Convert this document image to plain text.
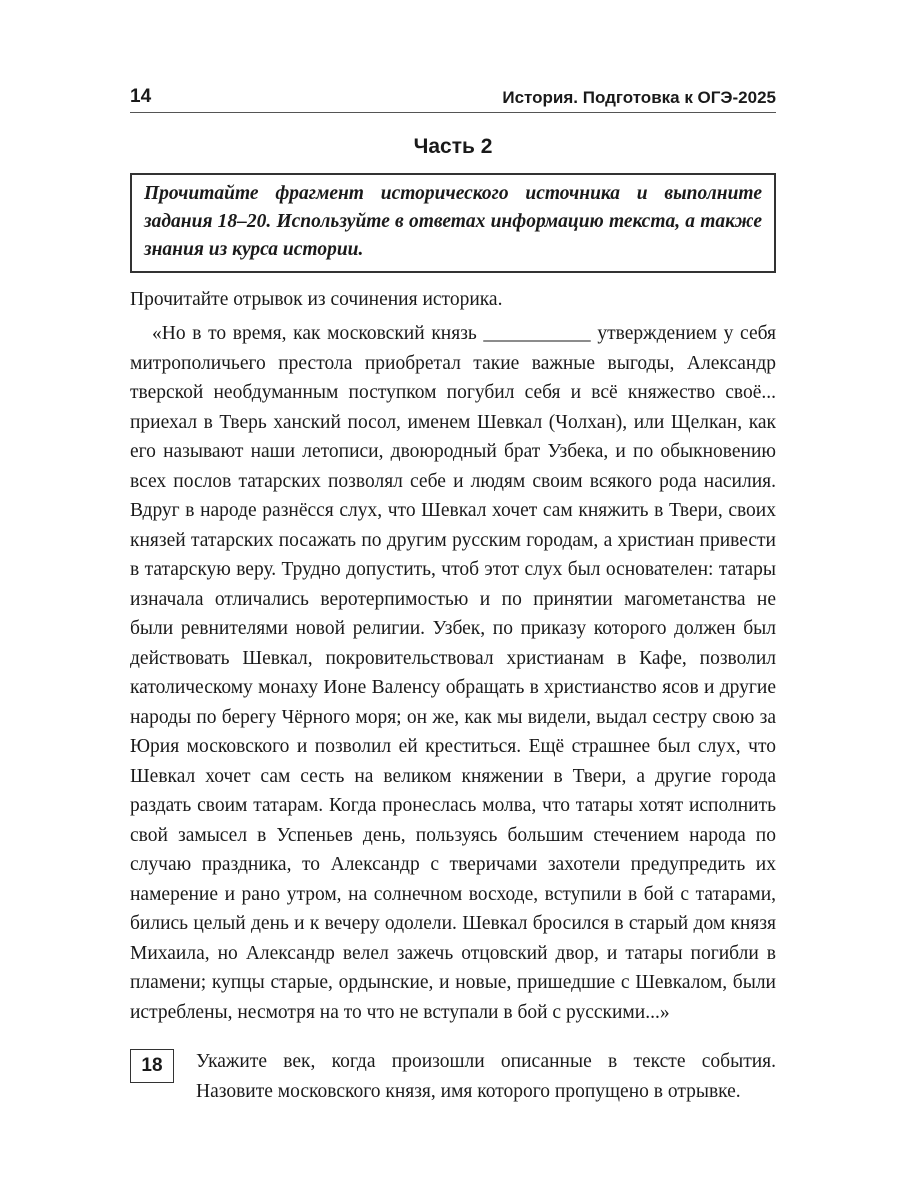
14	История. Подготовка к ОГЭ-2025
Часть 2
Прочитайте фрагмент исторического источника и выполните задания 18–20. Используйте в ответах информацию текста, а также знания из курса истории.
Прочитайте отрывок из сочинения историка.
«Но в то время, как московский князь ___________ утверждением у себя митрополичьего престола приобретал такие важные выгоды, Александр тверской необдуманным поступком погубил себя и всё княжество своё... приехал в Тверь ханский посол, именем Шевкал (Чолхан), или Щелкан, как его называют наши летописи, двоюродный брат Узбека, и по обыкновению всех послов татарских позволял себе и людям своим всякого рода насилия. Вдруг в народе разнёсся слух, что Шевкал хочет сам княжить в Твери, своих князей татарских посажать по другим русским городам, а христиан привести в татарскую веру. Трудно допустить, чтоб этот слух был основателен: татары изначала отличались веротерпимостью и по принятии магометанства не были ревнителями новой религии. Узбек, по приказу которого должен был действовать Шевкал, покровительствовал христианам в Кафе, позволил католическому монаху Ионе Валенсу обращать в христианство ясов и другие народы по берегу Чёрного моря; он же, как мы видели, выдал сестру свою за Юрия московского и позволил ей креститься. Ещё страшнее был слух, что Шевкал хочет сам сесть на великом княжении в Твери, а другие города раздать своим татарам. Когда пронеслась молва, что татары хотят исполнить свой замысел в Успеньев день, пользуясь большим стечением народа по случаю праздника, то Александр с тверичами захотели предупредить их намерение и рано утром, на солнечном восходе, вступили в бой с татарами, бились целый день и к вечеру одолели. Шевкал бросился в старый дом князя Михаила, но Александр велел зажечь отцовский двор, и татары погибли в пламени; купцы старые, ордынские, и новые, пришедшие с Шевкалом, были истреблены, несмотря на то что не вступали в бой с русскими...»
18	Укажите век, когда произошли описанные в тексте события. Назовите московского князя, имя которого пропущено в отрывке.
